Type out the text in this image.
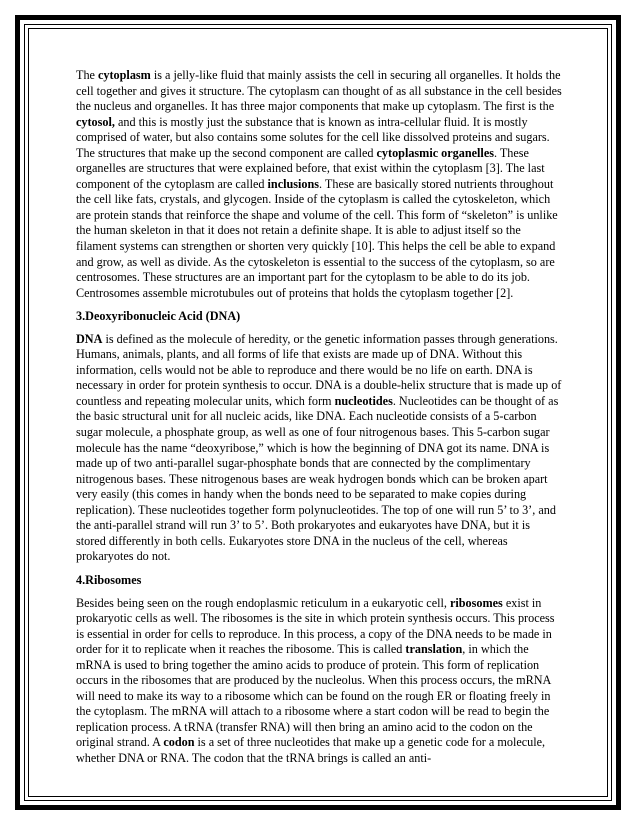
The cytoplasm is a jelly-like fluid that mainly assists the cell in securing all organelles. It holds the cell together and gives it structure. The cytoplasm can thought of as all substance in the cell besides the nucleus and organelles. It has three major components that make up cytoplasm. The first is the cytosol, and this is mostly just the substance that is known as intra-cellular fluid. It is mostly comprised of water, but also contains some solutes for the cell like dissolved proteins and sugars. The structures that make up the second component are called cytoplasmic organelles. These organelles are structures that were explained before, that exist within the cytoplasm [3]. The last component of the cytoplasm are called inclusions. These are basically stored nutrients throughout the cell like fats, crystals, and glycogen. Inside of the cytoplasm is called the cytoskeleton, which are protein stands that reinforce the shape and volume of the cell. This form of “skeleton” is unlike the human skeleton in that it does not retain a definite shape. It is able to adjust itself so the filament systems can strengthen or shorten very quickly [10]. This helps the cell be able to expand and grow, as well as divide. As the cytoskeleton is essential to the success of the cytoplasm, so are centrosomes. These structures are an important part for the cytoplasm to be able to do its job. Centrosomes assemble microtubules out of proteins that holds the cytoplasm together [2].

3.Deoxyribonucleic Acid (DNA)

DNA is defined as the molecule of heredity, or the genetic information passes through generations. Humans, animals, plants, and all forms of life that exists are made up of DNA. Without this information, cells would not be able to reproduce and there would be no life on earth. DNA is necessary in order for protein synthesis to occur. DNA is a double-helix structure that is made up of countless and repeating molecular units, which form nucleotides. Nucleotides can be thought of as the basic structural unit for all nucleic acids, like DNA. Each nucleotide consists of a 5-carbon sugar molecule, a phosphate group, as well as one of four nitrogenous bases. This 5-carbon sugar molecule has the name “deoxyribose,” which is how the beginning of DNA got its name. DNA is made up of two anti-parallel sugar-phosphate bonds that are connected by the complimentary nitrogenous bases. These nitrogenous bases are weak hydrogen bonds which can be broken apart very easily (this comes in handy when the bonds need to be separated to make copies during replication). These nucleotides together form polynucleotides. The top of one will run 5’ to 3’, and the anti-parallel strand will run 3’ to 5’. Both prokaryotes and eukaryotes have DNA, but it is stored differently in both cells. Eukaryotes store DNA in the nucleus of the cell, whereas prokaryotes do not.

4.Ribosomes

Besides being seen on the rough endoplasmic reticulum in a eukaryotic cell, ribosomes exist in prokaryotic cells as well. The ribosomes is the site in which protein synthesis occurs. This process is essential in order for cells to reproduce. In this process, a copy of the DNA needs to be made in order for it to replicate when it reaches the ribosome. This is called translation, in which the mRNA is used to bring together the amino acids to produce of protein. This form of replication occurs in the ribosomes that are produced by the nucleolus. When this process occurs, the mRNA will need to make its way to a ribosome which can be found on the rough ER or floating freely in the cytoplasm. The mRNA will attach to a ribosome where a start codon will be read to begin the replication process. A tRNA (transfer RNA) will then bring an amino acid to the codon on the original strand. A codon is a set of three nucleotides that make up a genetic code for a molecule, whether DNA or RNA. The codon that the tRNA brings is called an anti-
